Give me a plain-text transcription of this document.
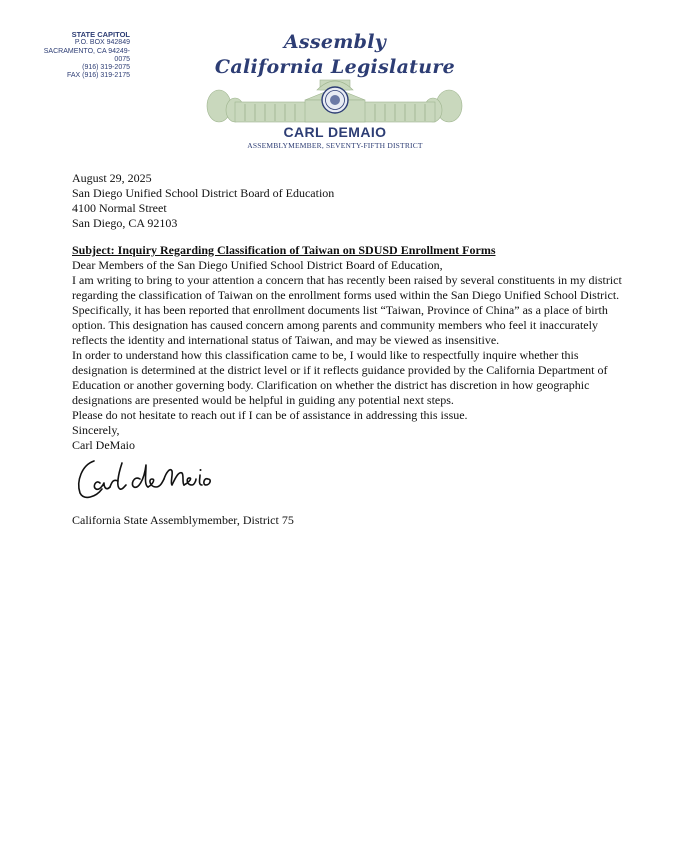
STATE CAPITOL
P.O. BOX 942849
SACRAMENTO, CA 94249-0075
(916) 319-2075
FAX (916) 319-2175
Assembly
California Legislature
CARL DEMAIO
ASSEMBLYMEMBER, SEVENTY-FIFTH DISTRICT

August 29, 2025

San Diego Unified School District Board of Education

4100 Normal Street

San Diego, CA 92103

Subject: Inquiry Regarding Classification of Taiwan on SDUSD Enrollment Forms

Dear Members of the San Diego Unified School District Board of Education,

I am writing to bring to your attention a concern that has recently been raised by several constituents in my district regarding the classification of Taiwan on the enrollment forms used within the San Diego Unified School District.

Specifically, it has been reported that enrollment documents list “Taiwan, Province of China” as a place of birth option. This designation has caused concern among parents and community members who feel it inaccurately reflects the identity and international status of Taiwan, and may be viewed as insensitive.

In order to understand how this classification came to be, I would like to respectfully inquire whether this designation is determined at the district level or if it reflects guidance provided by the California Department of Education or another governing body. Clarification on whether the district has discretion in how geographic designations are presented would be helpful in guiding any potential next steps.

Please do not hesitate to reach out if I can be of assistance in addressing this issue.

Sincerely,

Carl DeMaio

California State Assemblymember, District 75
